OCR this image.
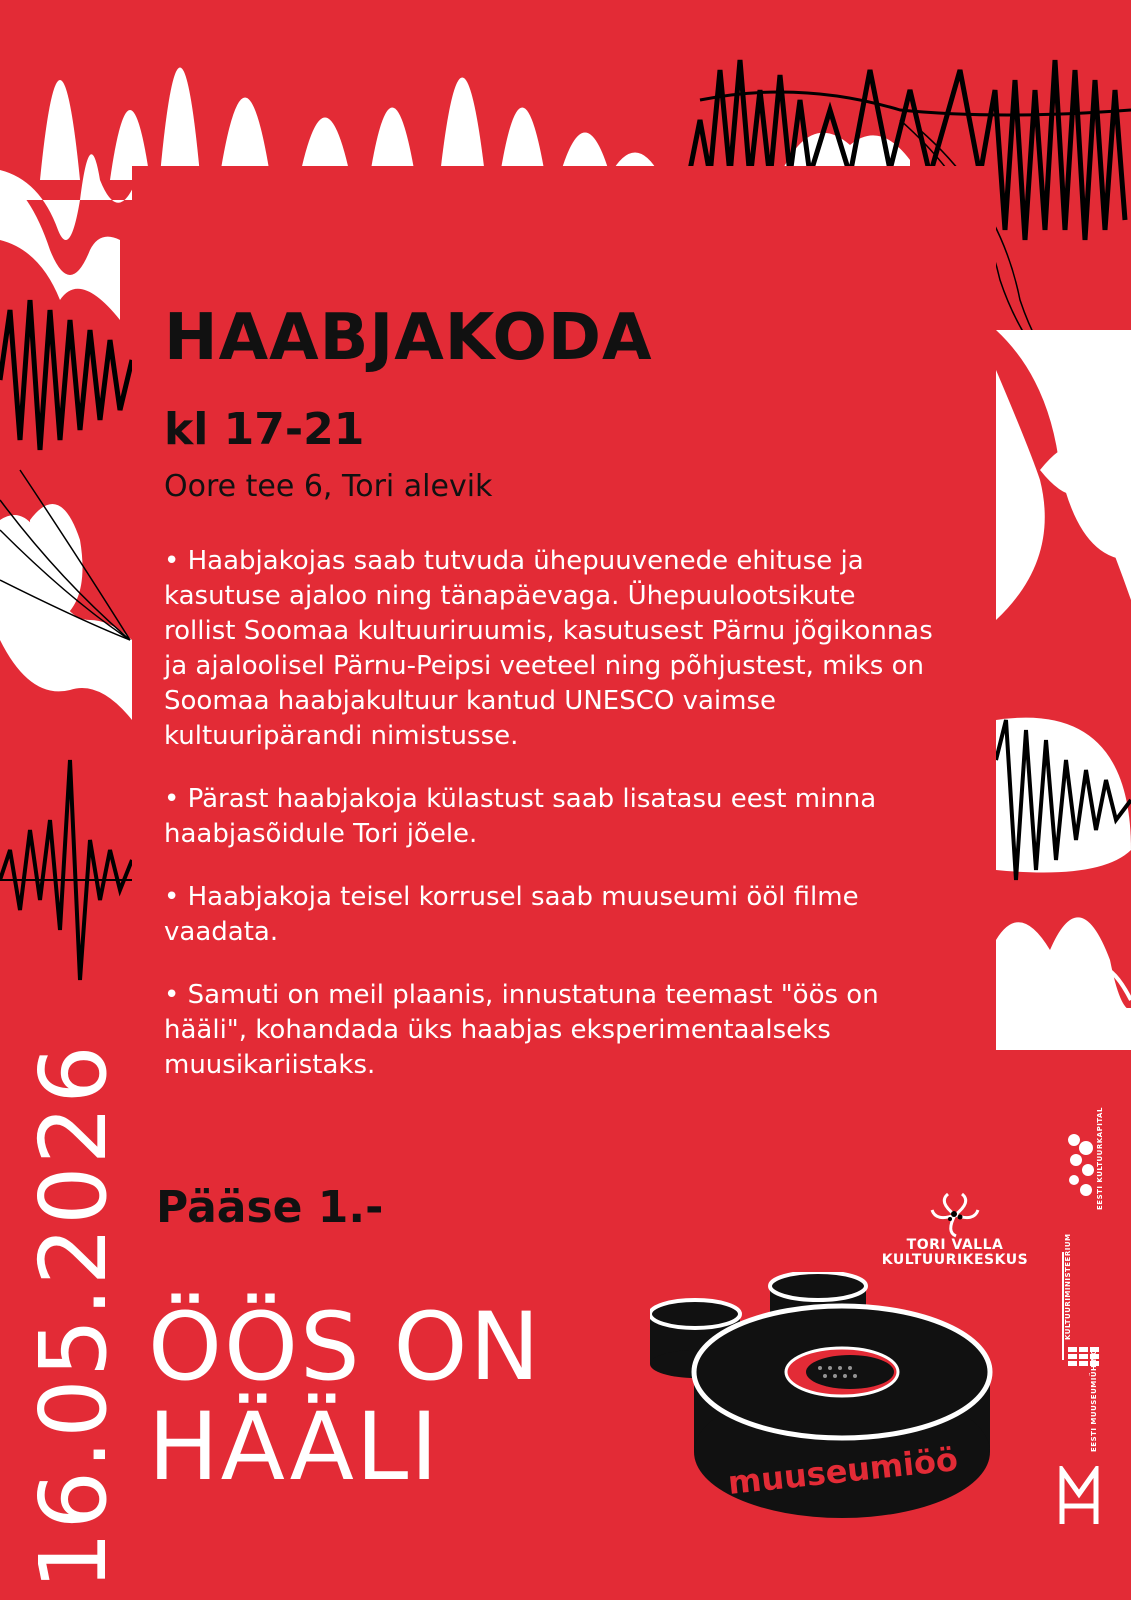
HAABJAKODA
kl 17-21
Oore tee 6, Tori alevik
• Haabjakojas saab tutvuda ühepuuvenede ehituse ja kasutuse ajaloo ning tänapäevaga. Ühepuulootsikute rollist Soomaa kultuuriruumis, kasutusest Pärnu jõgikonnas ja ajaloolisel Pärnu-Peipsi veeteel ning põhjustest, miks on Soomaa haabjakultuur kantud UNESCO vaimse kultuuripärandi nimistusse.
• Pärast haabjakoja külastust saab lisatasu eest minna haabjasõidule Tori jõele.
• Haabjakoja teisel korrusel saab muuseumi ööl filme vaadata.
• Samuti on meil plaanis, innustatuna teemast "öös on hääli", kohandada üks haabjas eksperimentaalseks muusikariistaks.
Pääse 1.-
ÖÖS ON
HÄÄLI
16.05.2026	TORI VALLA
KULTUURIKESKUS
EESTI KULTUURKAPITAL
KULTUURIMINISTEERIUM
EESTI MUUSEUMIÜHING
muuseumiöö
